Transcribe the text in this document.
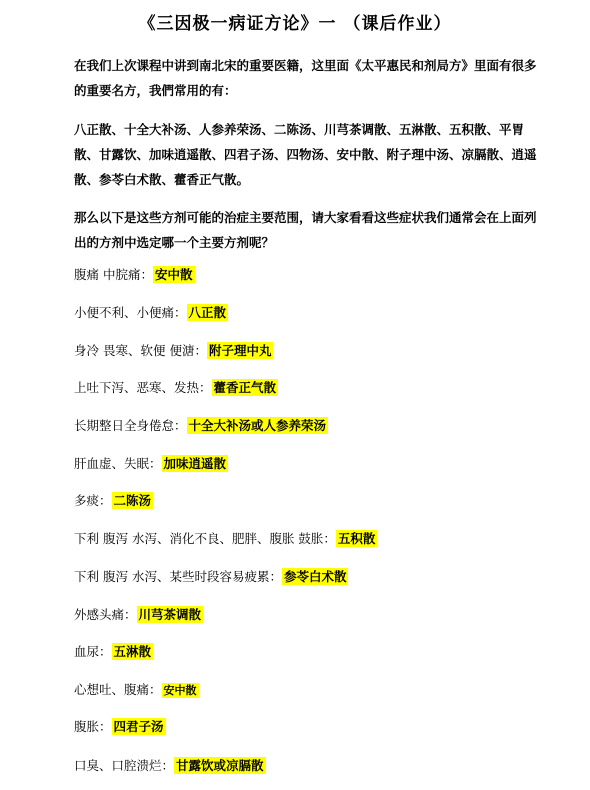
《三因极一病证方论》一 （课后作业）
在我们上次课程中讲到南北宋的重要医籍，这里面《太平惠民和剂局方》里面有很多的重要名方，我們常用的有：
八正散、十全大补汤、人参养荣汤、二陈汤、川芎茶调散、五淋散、五积散、平胃散、甘露饮、加味逍遥散、四君子汤、四物汤、安中散、附子理中汤、凉膈散、逍遥散、参苓白术散、藿香正气散。
那么以下是这些方剂可能的治症主要范围，请大家看看这些症状我们通常会在上面列出的方剂中选定哪一个主要方剂呢？
腹痛 中脘痛： 安中散
小便不利、小便痛： 八正散
身冷 畏寒、软便 便溏： 附子理中丸
上吐下泻、恶寒、发热： 藿香正气散
长期整日全身倦怠： 十全大补汤或人参养荣汤
肝血虚、失眠： 加味逍遥散
多痰： 二陈汤
下利 腹泻 水泻、消化不良、肥胖、腹胀 鼓胀： 五积散
下利 腹泻 水泻、某些时段容易疲累： 参苓白术散
外感头痛： 川芎茶调散
血尿： 五淋散
心想吐、腹痛： 安中散
腹胀： 四君子汤
口臭、口腔溃烂： 甘露饮或凉膈散
